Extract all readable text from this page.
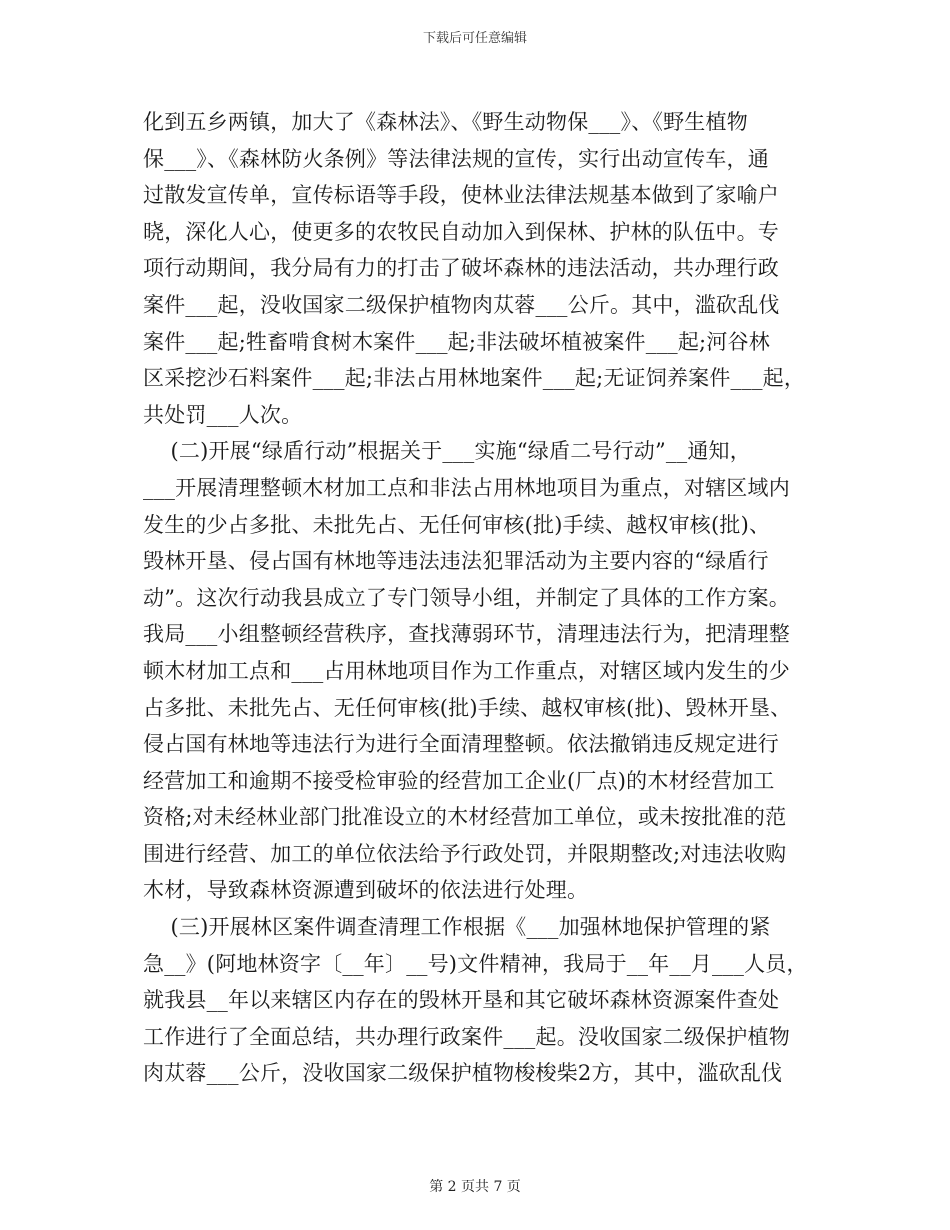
下载后可任意编辑
化到五乡两镇，加大了《森林法》、《野生动物保___》、《野生植物
保___》、《森林防火条例》等法律法规的宣传，实行出动宣传车，通
过散发宣传单，宣传标语等手段，使林业法律法规基本做到了家喻户
晓，深化人心，使更多的农牧民自动加入到保林、护林的队伍中。专
项行动期间，我分局有力的打击了破坏森林的违法活动，共办理行政
案件___起，没收国家二级保护植物肉苁蓉___公斤。其中，滥砍乱伐
案件___起;牲畜啃食树木案件___起;非法破坏植被案件___起;河谷林
区采挖沙石料案件___起;非法占用林地案件___起;无证饲养案件___起，
共处罚___人次。
(二)开展“绿盾行动”根据关于___实施“绿盾二号行动”__通知，
___开展清理整顿木材加工点和非法占用林地项目为重点，对辖区域内
发生的少占多批、未批先占、无任何审核(批)手续、越权审核(批)、
毁林开垦、侵占国有林地等违法违法犯罪活动为主要内容的“绿盾行
动”。这次行动我县成立了专门领导小组，并制定了具体的工作方案。
我局___小组整顿经营秩序，查找薄弱环节，清理违法行为，把清理整
顿木材加工点和___占用林地项目作为工作重点，对辖区域内发生的少
占多批、未批先占、无任何审核(批)手续、越权审核(批)、毁林开垦、
侵占国有林地等违法行为进行全面清理整顿。依法撤销违反规定进行
经营加工和逾期不接受检审验的经营加工企业(厂点)的木材经营加工
资格;对未经林业部门批准设立的木材经营加工单位，或未按批准的范
围进行经营、加工的单位依法给予行政处罚，并限期整改;对违法收购
木材，导致森林资源遭到破坏的依法进行处理。
(三)开展林区案件调查清理工作根据《___加强林地保护管理的紧
急__》(阿地林资字〔__年〕__号)文件精神，我局于__年__月___人员，
就我县__年以来辖区内存在的毁林开垦和其它破坏森林资源案件查处
工作进行了全面总结，共办理行政案件___起。没收国家二级保护植物
肉苁蓉___公斤，没收国家二级保护植物梭梭柴2方，其中，滥砍乱伐
第 2 页共 7 页
